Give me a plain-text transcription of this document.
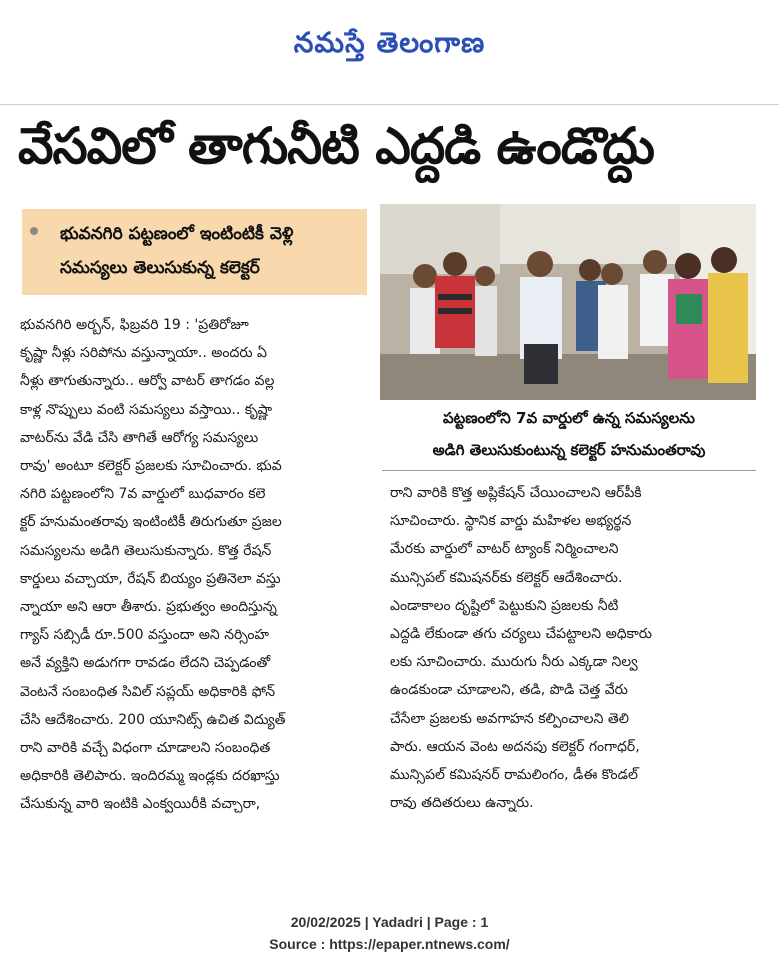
నమస్తే తెలంగాణ
వేసవిలో తాగునీటి ఎద్దడి ఉండొద్దు
భువనగిరి పట్టణంలో ఇంటింటికీ వెళ్లి
సమస్యలు తెలుసుకున్న కలెక్టర్
పట్టణంలోని 7వ వార్డులో ఉన్న సమస్యలను
అడిగి తెలుసుకుంటున్న కలెక్టర్ హనుమంతరావు
భువనగిరి అర్బన్, ఫిబ్రవరి 19 : 'ప్రతిరోజూ
కృష్ణా నీళ్లు సరిపోను వస్తున్నాయా.. అందరు ఏ
నీళ్లు తాగుతున్నారు.. ఆర్వో వాటర్ తాగడం వల్ల
కాళ్ల నొప్పులు వంటి సమస్యలు వస్తాయి.. కృష్ణా
వాటర్‌ను వేడి చేసి తాగితే ఆరోగ్య సమస్యలు
రావు' అంటూ కలెక్టర్ ప్రజలకు సూచించారు. భువ
నగిరి పట్టణంలోని 7వ వార్డులో బుధవారం కలె
క్టర్ హనుమంతరావు ఇంటింటికీ తిరుగుతూ ప్రజల
సమస్యలను అడిగి తెలుసుకున్నారు. కొత్త రేషన్
కార్డులు వచ్చాయా, రేషన్ బియ్యం ప్రతినెలా వస్తు
న్నాయా అని ఆరా తీశారు. ప్రభుత్వం అందిస్తున్న
గ్యాస్ సబ్సిడీ రూ.500 వస్తుందా అని నర్సింహ
అనే వ్యక్తిని అడుగగా రావడం లేదని చెప్పడంతో
వెంటనే సంబంధిత సివిల్ సప్లయ్ అధికారికి ఫోన్
చేసి ఆదేశించారు. 200 యూనిట్స్ ఉచిత విద్యుత్
రాని వారికి వచ్చే విధంగా చూడాలని సంబంధిత
అధికారికి తెలిపారు. ఇందిరమ్మ ఇండ్లకు దరఖాస్తు
చేసుకున్న వారి ఇంటికి ఎంక్వయిరీకి వచ్చారా,
రాని వారికి కొత్త అప్లికేషన్ చేయించాలని ఆర్‌పీకి
సూచించారు. స్థానిక వార్డు మహిళల అభ్యర్థన
మేరకు వార్డులో వాటర్ ట్యాంక్ నిర్మించాలని
మున్సిపల్ కమిషనర్‌కు కలెక్టర్ ఆదేశించారు.
ఎండాకాలం దృష్టిలో పెట్టుకుని ప్రజలకు నీటి
ఎద్దడి లేకుండా తగు చర్యలు చేపట్టాలని అధికారు
లకు సూచించారు. మురుగు నీరు ఎక్కడా నిల్వ
ఉండకుండా చూడాలని, తడి, పొడి చెత్త వేరు
చేసేలా ప్రజలకు అవగాహన కల్పించాలని తెలి
పారు. ఆయన వెంట అదనపు కలెక్టర్ గంగాధర్,
మున్సిపల్ కమిషనర్ రామలింగం, డీఈ కొండల్
రావు తదితరులు ఉన్నారు.
20/02/2025 | Yadadri | Page : 1
Source : https://epaper.ntnews.com/
